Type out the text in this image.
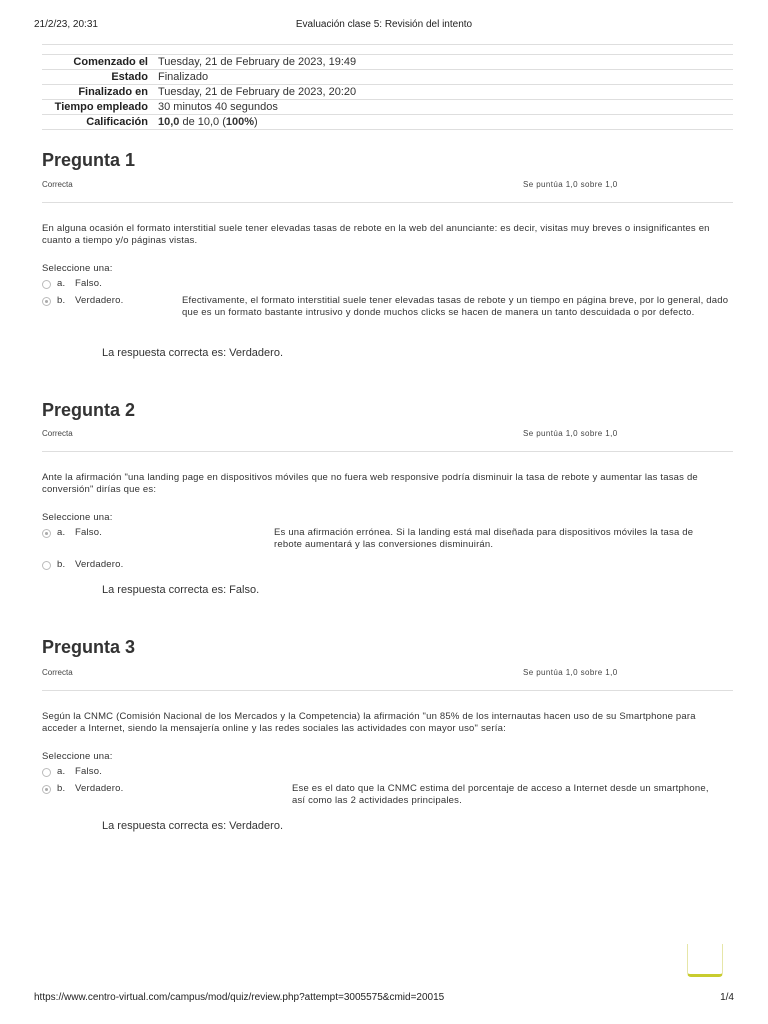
21/2/23, 20:31	Evaluación clase 5: Revisión del intento
Comenzado el Tuesday, 21 de February de 2023, 19:49
Estado Finalizado
Finalizado en Tuesday, 21 de February de 2023, 20:20
Tiempo empleado 30 minutos 40 segundos
Calificación 10,0 de 10,0 (100%)
Pregunta 1
Correcta	Se puntúa 1,0 sobre 1,0
En alguna ocasión el formato interstitial suele tener elevadas tasas de rebote en la web del anunciante: es decir, visitas muy breves o insignificantes en cuanto a tiempo y/o páginas vistas.
Seleccione una:
a. Falso.
b. Verdadero.	Efectivamente, el formato interstitial suele tener elevadas tasas de rebote y un tiempo en página breve, por lo general, dado que es un formato bastante intrusivo y donde muchos clicks se hacen de manera un tanto descuidada o por defecto.
La respuesta correcta es: Verdadero.
Pregunta 2
Correcta	Se puntúa 1,0 sobre 1,0
Ante la afirmación "una landing page en dispositivos móviles que no fuera web responsive podría disminuir la tasa de rebote y aumentar las tasas de conversión" dirías que es:
Seleccione una:
a. Falso.	Es una afirmación errónea. Si la landing está mal diseñada para dispositivos móviles la tasa de rebote aumentará y las conversiones disminuirán.
b. Verdadero.
La respuesta correcta es: Falso.
Pregunta 3
Correcta	Se puntúa 1,0 sobre 1,0
Según la CNMC (Comisión Nacional de los Mercados y la Competencia) la afirmación "un 85% de los internautas hacen uso de su Smartphone para acceder a Internet, siendo la mensajería online y las redes sociales las actividades con mayor uso" sería:
Seleccione una:
a. Falso.
b. Verdadero.	Ese es el dato que la CNMC estima del porcentaje de acceso a Internet desde un smartphone, así como las 2 actividades principales.
La respuesta correcta es: Verdadero.
https://www.centro-virtual.com/campus/mod/quiz/review.php?attempt=3005575&cmid=20015	1/4
